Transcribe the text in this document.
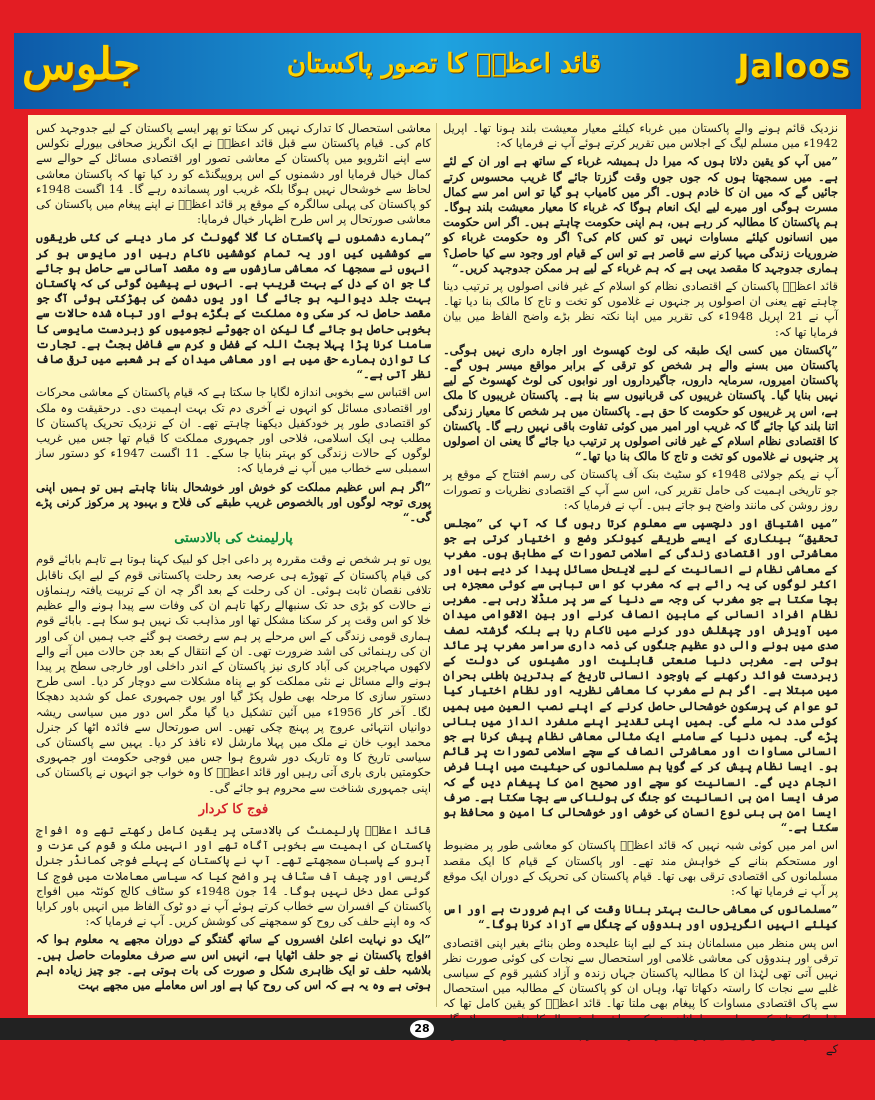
جلوس	قائد اعظمؒ کا تصور پاکستان	Jaloos

نزدیک قائم ہونے والے پاکستان میں غرباء کیلئے معیار معیشت بلند ہونا تھا۔ اپریل 1942ء میں مسلم لیگ کے اجلاس میں تقریر کرتے ہوئے آپ نے فرمایا کہ:

”میں آپ کو یقین دلاتا ہوں کہ میرا دل ہمیشہ غرباء کے ساتھ ہے اور ان کے لئے ہے۔ میں سمجھتا ہوں کہ جوں جوں وقت گزرتا جائے گا غریب محسوس کرتے جائیں گے کہ میں ان کا خادم ہوں۔ اگر میں کامیاب ہو گیا تو اس امر سے کمال مسرت ہوگی اور میرے لیے ایک انعام ہوگا کہ غرباء کا معیار معیشت بلند ہوگا۔ ہم پاکستان کا مطالبہ کر رہے ہیں، ہم اپنی حکومت چاہتے ہیں۔ اگر اس حکومت میں انسانوں کیلئے مساوات نہیں تو کس کام کی؟ اگر وہ حکومت غرباء کو ضروریات زندگی مہیا کرنے سے قاصر ہے تو اس کے قیام اور وجود سے کیا حاصل؟ ہماری جدوجہد کا مقصد یہی ہے کہ ہم غرباء کے لیے ہر ممکن جدوجہد کریں۔“

قائد اعظمؒ پاکستان کے اقتصادی نظام کو اسلام کے غیر فانی اصولوں پر ترتیب دینا چاہتے تھے یعنی ان اصولوں پر جنہوں نے غلاموں کو تخت و تاج کا مالک بنا دیا تھا۔ آپ نے 21 اپریل 1948ء کی تقریر میں اپنا نکتہ نظر بڑے واضح الفاظ میں بیان فرمایا تھا کہ:

”پاکستان میں کسی ایک طبقہ کی لوٹ کھسوٹ اور اجارہ داری نہیں ہوگی۔ پاکستان میں بسنے والے ہر شخص کو ترقی کے برابر مواقع میسر ہوں گے۔ پاکستان امیروں، سرمایہ داروں، جاگیرداروں اور نوابوں کی لوٹ کھسوٹ کے لیے نہیں بنایا گیا۔ پاکستان غریبوں کی قربانیوں سے بنا ہے۔ پاکستان غریبوں کا ملک ہے، اس پر غریبوں کو حکومت کا حق ہے۔ پاکستان میں ہر شخص کا معیار زندگی اتنا بلند کیا جائے گا کہ غریب اور امیر میں کوئی تفاوت باقی نہیں رہے گا۔ پاکستان کا اقتصادی نظام اسلام کے غیر فانی اصولوں پر ترتیب دیا جائے گا یعنی ان اصولوں پر جنہوں نے غلاموں کو تخت و تاج کا مالک بنا دیا تھا۔“

آپ نے یکم جولائی 1948ء کو سٹیٹ بنک آف پاکستان کی رسم افتتاح کے موقع پر جو تاریخی اہمیت کی حامل تقریر کی، اس سے آپ کے اقتصادی نظریات و تصورات روز روشن کی مانند واضح ہو جاتے ہیں۔ آپ نے فرمایا کہ:

”میں اشتیاق اور دلچسپی سے معلوم کرتا رہوں گا کہ آپ کی ”مجلس تحقیق“ بینکاری کے ایسے طریقے کیونکر وضع و اختیار کرتی ہے جو معاشرتی اور اقتصادی زندگی کے اسلامی تصورات کے مطابق ہوں۔ مغرب کے معاشی نظام نے انسانیت کے لیے لاینحل مسائل پیدا کر دیے ہیں اور اکثر لوگوں کی یہ رائے ہے کہ مغرب کو اس تباہی سے کوئی معجزہ ہی بچا سکتا ہے جو مغرب کی وجہ سے دنیا کے سر پر منڈلا رہی ہے۔ مغربی نظام افراد انسانی کے مابین انصاف کرنے اور بین الاقوامی میدان میں آویزش اور چپقلش دور کرنے میں ناکام رہا ہے بلکہ گزشتہ نصف صدی میں ہونے والی دو عظیم جنگوں کی ذمہ داری سراسر مغرب پر عائد ہوتی ہے۔ مغربی دنیا صنعتی قابلیت اور مشینوں کی دولت کے زبردست فوائد رکھنے کے باوجود انسانی تاریخ کے بدترین باطنی بحران میں مبتلا ہے۔ اگر ہم نے مغرب کا معاشی نظریہ اور نظام اختیار کیا تو عوام کی پرسکون خوشحالی حاصل کرنے کے اپنے نصب العین میں ہمیں کوئی مدد نہ ملے گی۔ ہمیں اپنی تقدیر اپنے منفرد انداز میں بنانی پڑے گی۔ ہمیں دنیا کے سامنے ایک مثالی معاشی نظام پیش کرنا ہے جو انسانی مساوات اور معاشرتی انصاف کے سچے اسلامی تصورات پر قائم ہو۔ ایسا نظام پیش کر کے گویا ہم مسلمانوں کی حیثیت میں اپنا فرض انجام دیں گے۔ انسانیت کو سچے اور صحیح امن کا پیغام دیں گے کہ صرف ایسا امن ہی انسانیت کو جنگ کی ہولناکی سے بچا سکتا ہے۔ صرف ایسا امن ہی بنی نوع انسان کی خوشی اور خوشحالی کا امین و محافظ ہو سکتا ہے۔“

اس امر میں کوئی شبہ نہیں کہ قائد اعظمؒ پاکستان کو معاشی طور پر مضبوط اور مستحکم بنانے کے خواہش مند تھے۔ اور پاکستان کے قیام کا ایک مقصد مسلمانوں کی اقتصادی ترقی بھی تھا۔ قیام پاکستان کی تحریک کے دوران ایک موقع پر آپ نے فرمایا تھا کہ:

”مسلمانوں کی معاشی حالت بہتر بنانا وقت کی اہم ضرورت ہے اور اس کیلئے انہیں انگریزوں اور ہندوؤں کے چنگل سے آزاد کرنا ہوگا۔“

اس پس منظر میں مسلمانان ہند کے لیے اپنا علیحدہ وطن بنائے بغیر اپنی اقتصادی ترقی اور ہندوؤں کی معاشی غلامی اور استحصال سے نجات کی کوئی صورت نظر نہیں آتی تھی لہٰذا ان کا مطالبہ پاکستان جہاں زندہ و آزاد کشیر قوم کے سیاسی غلبے سے نجات کا راستہ دکھاتا تھا، وہاں ان کو پاکستان کے مطالبہ میں استحصال سے پاک اقتصادی مساوات کا پیغام بھی ملتا تھا۔ قائد اعظمؒ کو یقین کامل تھا کہ کے

معاشی استحصال کا تدارک نہیں کر سکتا تو پھر ایسے پاکستان کے لیے جدوجہد کس کام کی۔ قیام پاکستان سے قبل قائد اعظمؒ نے ایک انگریز صحافی بیورلے نکولس سے اپنے انٹرویو میں پاکستان کے معاشی تصور اور اقتصادی مسائل کے حوالے سے کمال خیال فرمایا اور دشمنوں کے اس پروپیگنڈے کو رد کیا تھا کہ پاکستان معاشی لحاظ سے خوشحال نہیں ہوگا بلکہ غریب اور پسماندہ رہے گا۔ 14 اگست 1948ء کو پاکستان کی پہلی سالگرہ کے موقع پر قائد اعظمؒ نے اپنے پیغام میں پاکستان کی معاشی صورتحال پر اس طرح اظہار خیال فرمایا:

”ہمارے دشمنوں نے پاکستان کا گلا گھونٹ کر مار دینے کی کئی طریقوں سے کوششیں کیں اور یہ تمام کوششیں ناکام رہیں اور مایوس ہو کر انہوں نے سمجھا کہ معاشی سازشوں سے وہ مقصد آسانی سے حاصل ہو جائے گا جو ان کے دل کے بہت قریب ہے۔ انہوں نے پیشین گوئی کی کہ پاکستان بہت جلد دیوالیہ ہو جائے گا اور یوں دشمن کی بھڑکتی ہوئی آگ جو مقصد حاصل نہ کر سکی وہ مملکت کے بگڑے ہوئے اور تباہ شدہ حالات سے بخوبی حاصل ہو جائے گا لیکن ان جھوٹے نجومیوں کو زبردست مایوسی کا سامنا کرنا پڑا پہلا بجٹ اللہ کے فضل و کرم سے فاضل بجٹ ہے۔ تجارت کا توازن ہمارے حق میں ہے اور معاشی میدان کے ہر شعبے میں ترقی صاف نظر آتی ہے۔“

اس اقتباس سے بخوبی اندازہ لگایا جا سکتا ہے کہ قیام پاکستان کے معاشی محرکات اور اقتصادی مسائل کو انہوں نے آخری دم تک بہت اہمیت دی۔ درحقیقت وہ ملک کو اقتصادی طور پر خودکفیل دیکھنا چاہتے تھے۔ ان کے نزدیک تحریک پاکستان کا مطلب ہی ایک اسلامی، فلاحی اور جمہوری مملکت کا قیام تھا جس میں غریب لوگوں کے حالات زندگی کو بہتر بنایا جا سکے۔ 11 اگست 1947ء کو دستور ساز اسمبلی سے خطاب میں آپ نے فرمایا کہ:

”اگر ہم اس عظیم مملکت کو خوش اور خوشحال بنانا چاہتے ہیں تو ہمیں اپنی پوری توجہ لوگوں اور بالخصوص غریب طبقے کی فلاح و بہبود پر مرکوز کرنی پڑے گی۔“

پارلیمنٹ کی بالادستی

یوں تو ہر شخص نے وقت مقررہ پر داعی اجل کو لبیک کہنا ہوتا ہے تاہم بابائے قوم کی قیام پاکستان کے تھوڑے ہی عرصہ بعد رحلت پاکستانی قوم کے لیے ایک ناقابل تلافی نقصان ثابت ہوئی۔ ان کی رحلت کے بعد اگر چہ ان کے تربیت یافتہ رہنماؤں نے حالات کو بڑی حد تک سنبھالے رکھا تاہم ان کی وفات سے پیدا ہونے والے عظیم خلا کو اس وقت پر کر سکنا مشکل تھا اور مذاہب تک نہیں ہو سکا ہے۔ بابائے قوم ہماری قومی زندگی کے اس مرحلے پر ہم سے رخصت ہو گئے جب ہمیں ان کی اور ان کی رہنمائی کی اشد ضرورت تھی۔ ان کے انتقال کے بعد جن حالات میں آنے والے لاکھوں مہاجرین کی آباد کاری نیز پاکستان کے اندر داخلی اور خارجی سطح پر پیدا ہونے والے مسائل نے نئی مملکت کو بے پناہ مشکلات سے دوچار کر دیا۔ اسی طرح دستور سازی کا مرحلہ بھی طول پکڑ گیا اور یوں جمہوری عمل کو شدید دھچکا لگا۔ آخر کار 1956ء میں آئین تشکیل دیا گیا مگر اس دور میں سیاسی ریشہ دوانیاں انتہائی عروج پر پہنچ چکی تھیں۔ اس صورتحال سے فائدہ اٹھا کر جنرل محمد ایوب خان نے ملک میں پہلا مارشل لاء نافذ کر دیا۔ یہیں سے پاکستان کی سیاسی تاریخ کا وہ تاریک دور شروع ہوا جس میں فوجی حکومت اور جمہوری حکومتیں باری باری آتی رہیں اور قائد اعظمؒ کا وہ خواب جو انہوں نے پاکستان کی اپنی جمہوری شناخت سے محروم ہو جائے گی۔

فوج کا کردار

قائد اعظمؒ پارلیمنٹ کی بالادستی پر یقین کامل رکھتے تھے وہ افواج پاکستان کی اہمیت سے بخوبی آگاہ تھے اور انہیں ملک و قوم کی عزت و آبرو کے پاسبان سمجھتے تھے۔ آپ نے پاکستان کے پہلے فوجی کمانڈر جنرل گریسی اور چیف آف سٹاف پر واضح کیا کہ سیاسی معاملات میں فوج کا کوئی عمل دخل نہیں ہوگا۔ 14 جون 1948ء کو سٹاف کالج کوئٹہ میں افواج پاکستان کے افسران سے خطاب کرتے ہوئے آپ نے دو ٹوک الفاظ میں انہیں باور کرایا کہ وہ اپنے حلف کی روح کو سمجھنے کی کوشش کریں۔ آپ نے فرمایا کہ:

”ایک دو نہایت اعلیٰ افسروں کے ساتھ گفتگو کے دوران مجھے یہ معلوم ہوا کہ افواج پاکستان نے جو حلف اٹھایا ہے، انہیں اس سے صرف معلومات حاصل ہیں۔ بلاشبہ حلف تو ایک ظاہری شکل و صورت کی بات ہوتی ہے۔ جو چیز زیادہ اہم ہوتی ہے وہ یہ ہے کہ اس کی روح کیا ہے اور اس معاملے میں مجھے بہت

28
